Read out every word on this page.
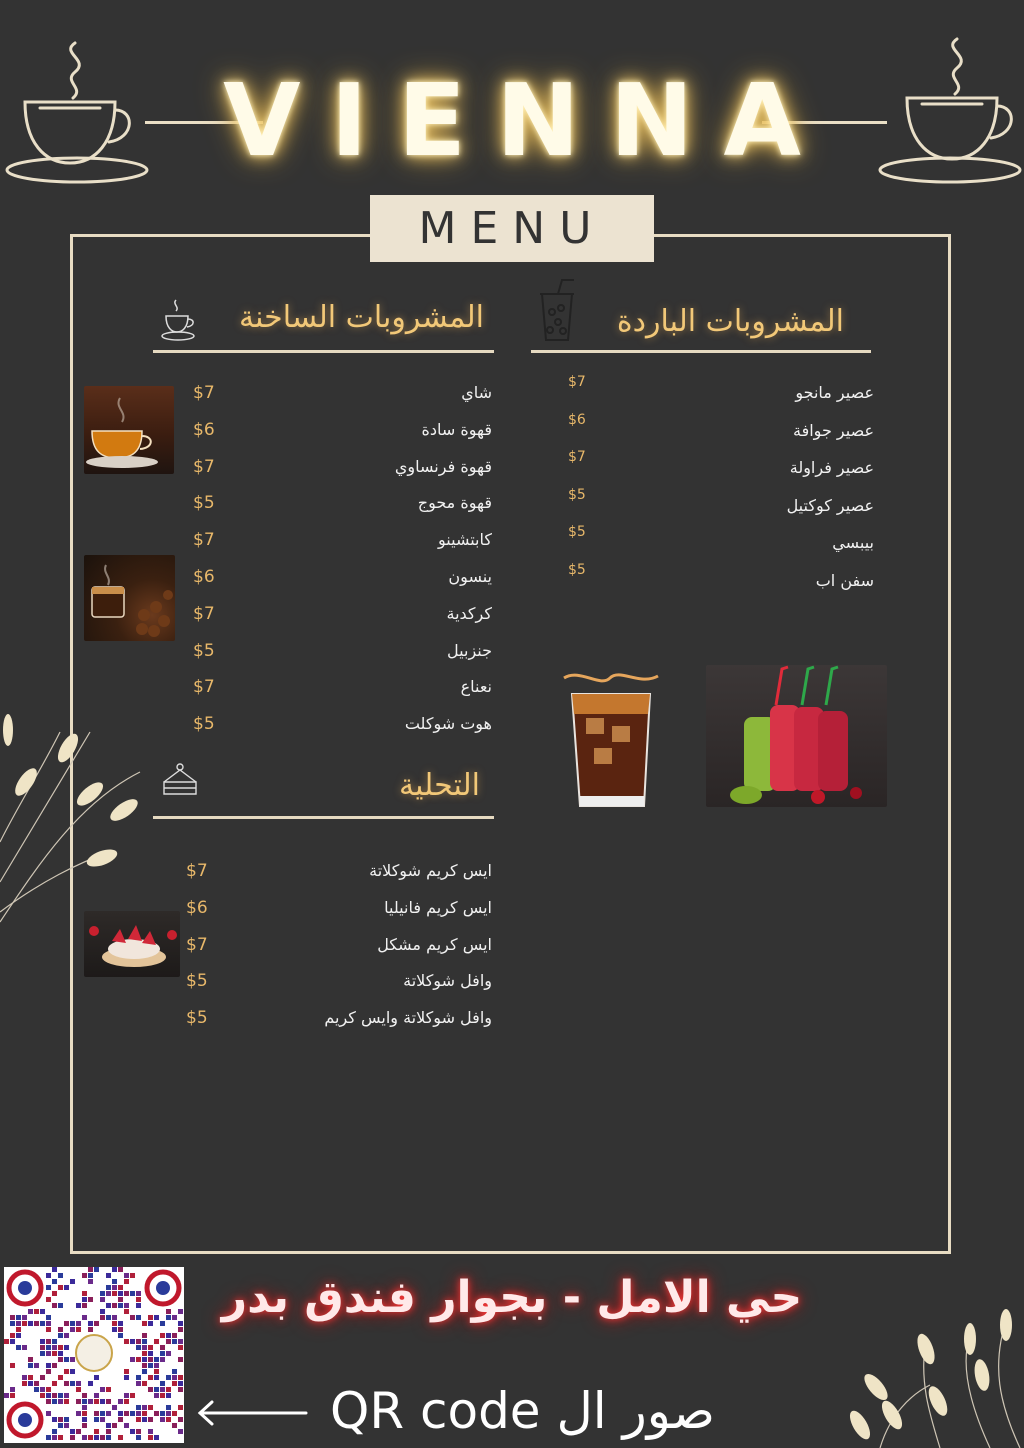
VIENNA
MENU
المشروبات الساخنة
شاي
$7
قهوة سادة
$6
قهوة فرنساوي
$7
قهوة محوج
$5
كابتشينو
$7
ينسون
$6
كركدية
$7
جنزبيل
$5
نعناع
$7
هوت شوكلت
$5
المشروبات الباردة
عصير مانجو
$7
عصير جوافة
$6
عصير فراولة
$7
عصير كوكتيل
$5
بيبسي
$5
سفن اب
$5
التحلية
ايس كريم شوكلاتة
$7
ايس كريم فانيليا
$6
ايس كريم مشكل
$7
وافل شوكلاتة
$5
وافل شوكلاتة وايس كريم
$5
حي الامل - بجوار فندق بدر
صور ال QR code
